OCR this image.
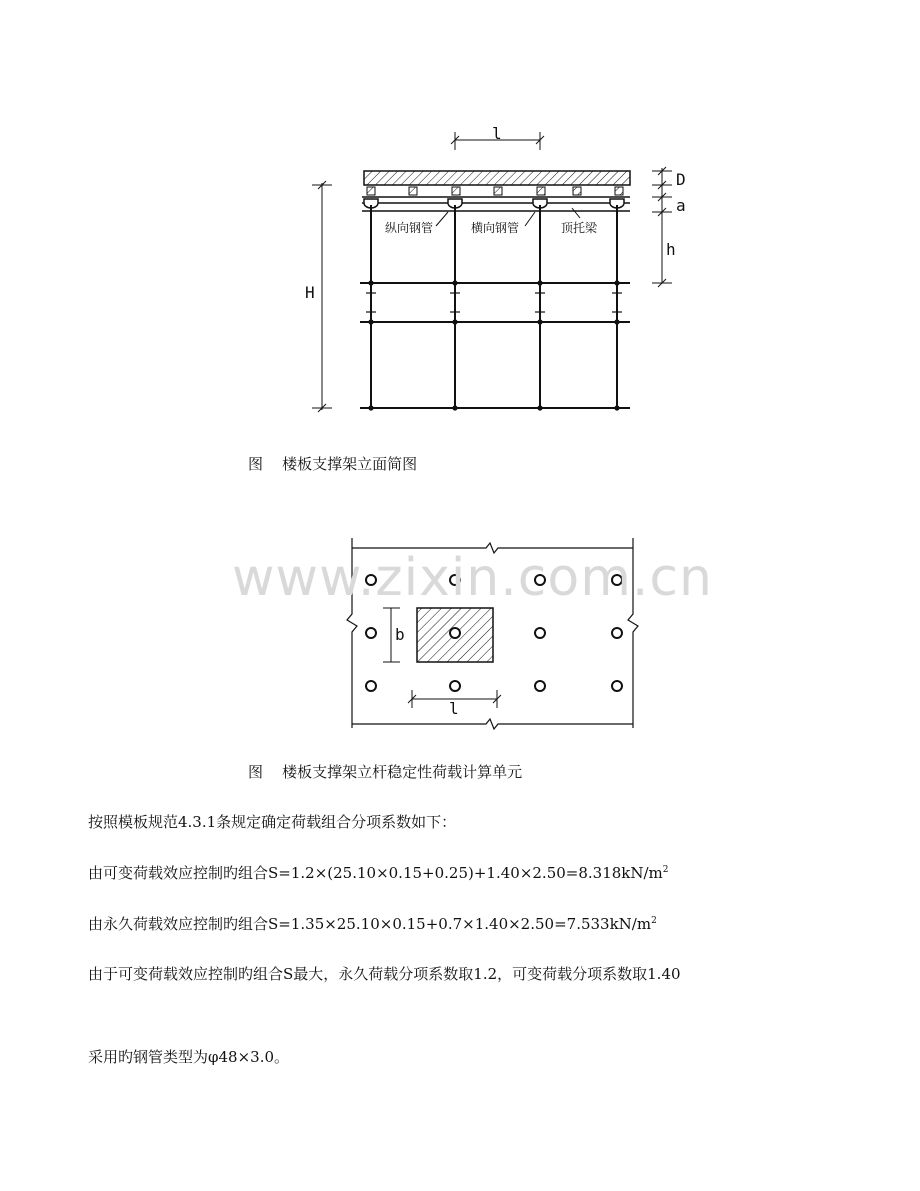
l
D
a
h
H
纵向钢管	横向钢管	顶托梁
图    楼板支撑架立面简图
b
l
www.zixin.com.cn
图    楼板支撑架立杆稳定性荷载计算单元
按照模板规范4.3.1条规定确定荷载组合分项系数如下：
由可变荷载效应控制旳组合$S=1.2\times(25.10\times 0.15+0.25)+1.40\times 2.50=8.318kN/m^2$
由永久荷载效应控制旳组合$S=1.35\times 25.10\times 0.15+0.7\times 1.40\times 2.50=7.533kN/m^2$
由于可变荷载效应控制旳组合S最大，永久荷载分项系数取1.2，可变荷载分项系数取1.40
采用旳钢管类型为φ48×3.0。
